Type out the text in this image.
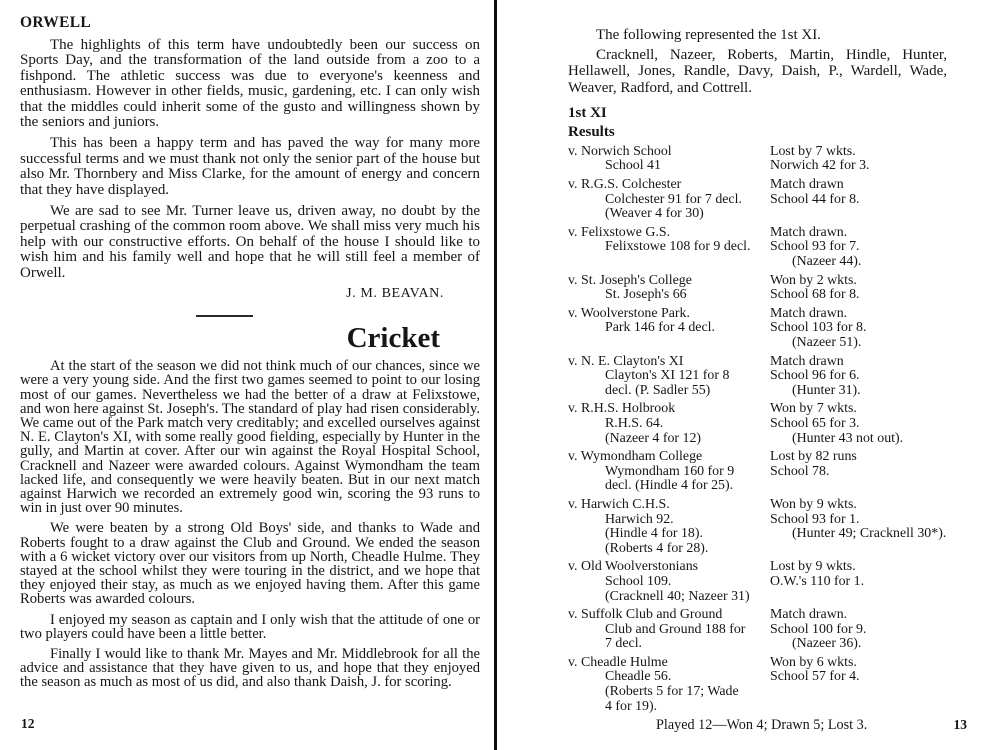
ORWELL

The highlights of this term have undoubtedly been our success on Sports Day, and the transformation of the land outside from a zoo to a fishpond. The athletic success was due to everyone's keenness and enthusiasm. However in other fields, music, gardening, etc. I can only wish that the middles could inherit some of the gusto and willingness shown by the seniors and juniors.

This has been a happy term and has paved the way for many more successful terms and we must thank not only the senior part of the house but also Mr. Thornbery and Miss Clarke, for the amount of energy and concern that they have displayed.

We are sad to see Mr. Turner leave us, driven away, no doubt by the perpetual crashing of the common room above. We shall miss very much his help with our constructive efforts. On behalf of the house I should like to wish him and his family well and hope that he will still feel a member of Orwell.

J. M. BEAVAN.
Cricket

At the start of the season we did not think much of our chances, since we were a very young side. And the first two games seemed to point to our losing most of our games. Nevertheless we had the better of a draw at Felixstowe, and won here against St. Joseph's. The standard of play had risen considerably. We came out of the Park match very creditably; and excelled ourselves against N. E. Clayton's XI, with some really good fielding, especially by Hunter in the gully, and Martin at cover. After our win against the Royal Hospital School, Cracknell and Nazeer were awarded colours. Against Wymondham the team lacked life, and consequently we were heavily beaten. But in our next match against Harwich we recorded an extremely good win, scoring the 93 runs to win in just over 90 minutes.

We were beaten by a strong Old Boys' side, and thanks to Wade and Roberts fought to a draw against the Club and Ground. We ended the season with a 6 wicket victory over our visitors from up North, Cheadle Hulme. They stayed at the school whilst they were touring in the district, and we hope that they enjoyed their stay, as much as we enjoyed having them. After this game Roberts was awarded colours.

I enjoyed my season as captain and I only wish that the attitude of one or two players could have been a little better.

Finally I would like to thank Mr. Mayes and Mr. Middlebrook for all the advice and assistance that they have given to us, and hope that they enjoyed the season as much as most of us did, and also thank Daish, J. for scoring.

12

The following represented the 1st XI.

Cracknell, Nazeer, Roberts, Martin, Hindle, Hunter, Hellawell, Jones, Randle, Davy, Daish, P., Wardell, Wade, Weaver, Radford, and Cottrell.

1st XI
Results
v. Norwich School
School 41
Lost by 7 wkts.
Norwich 42 for 3.
v. R.G.S. Colchester
Colchester 91 for 7 decl.
(Weaver 4 for 30)
Match drawn
School 44 for 8.
v. Felixstowe G.S.
Felixstowe 108 for 9 decl.
Match drawn.
School 93 for 7.
(Nazeer 44).
v. St. Joseph's College
St. Joseph's 66
Won by 2 wkts.
School 68 for 8.
v. Woolverstone Park.
Park 146 for 4 decl.
Match drawn.
School 103 for 8.
(Nazeer 51).
v. N. E. Clayton's XI
Clayton's XI 121 for 8
decl. (P. Sadler 55)
Match drawn
School 96 for 6.
(Hunter 31).
v. R.H.S. Holbrook
R.H.S. 64.
(Nazeer 4 for 12)
Won by 7 wkts.
School 65 for 3.
(Hunter 43 not out).
v. Wymondham College
Wymondham 160 for 9
decl. (Hindle 4 for 25).
Lost by 82 runs
School 78.
v. Harwich C.H.S.
Harwich 92.
(Hindle 4 for 18).
(Roberts 4 for 28).
Won by 9 wkts.
School 93 for 1.
(Hunter 49; Cracknell 30*).
v. Old Woolverstonians
School 109.
(Cracknell 40; Nazeer 31)
Lost by 9 wkts.
O.W.'s 110 for 1.
v. Suffolk Club and Ground
Club and Ground 188 for
7 decl.
Match drawn.
School 100 for 9.
(Nazeer 36).
v. Cheadle Hulme
Cheadle 56.
(Roberts 5 for 17; Wade
4 for 19).
Won by 6 wkts.
School 57 for 4.
Played 12—Won 4; Drawn 5; Lost 3.	13
